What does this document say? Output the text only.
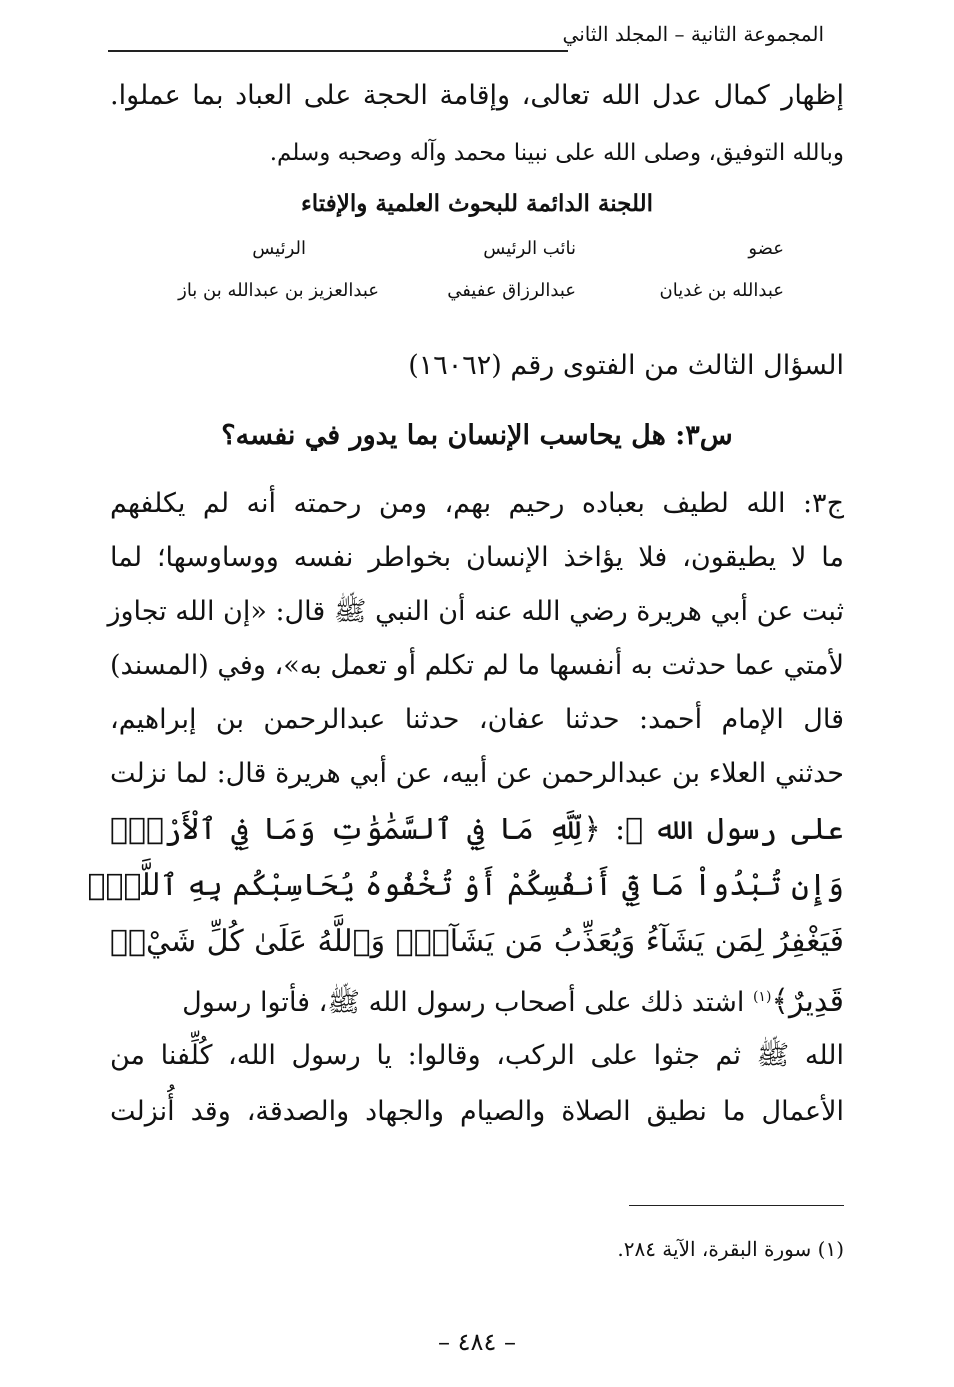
المجموعة الثانية – المجلد الثاني
إظهار كمال عدل الله تعالى، وإقامة الحجة على العباد بما عملوا.
وبالله التوفيق، وصلى الله على نبينا محمد وآله وصحبه وسلم.
اللجنة الدائمة للبحوث العلمية والإفتاء
عضو
نائب الرئيس
الرئيس
عبدالله بن غديان
عبدالرزاق عفيفي
عبدالعزيز بن عبدالله بن باز
السؤال الثالث من الفتوى رقم (١٦٠٦٢)
س٣: هل يحاسب الإنسان بما يدور في نفسه؟
ج٣: الله لطيف بعباده رحيم بهم، ومن رحمته أنه لم يكلفهم
ما لا يطيقون، فلا يؤاخذ الإنسان بخواطر نفسه ووساوسها؛ لما
ثبت عن أبي هريرة رضي الله عنه أن النبي ﷺ قال: «إن الله تجاوز
لأمتي عما حدثت به أنفسها ما لم تكلم أو تعمل به»، وفي (المسند)
قال الإمام أحمد: حدثنا عفان، حدثنا عبدالرحمن بن إبراهيم،
حدثني العلاء بن عبدالرحمن عن أبيه، عن أبي هريرة قال: لما نزلت
على رسول الله ﷺ: ﴿لِّلَّهِ مَا فِي ٱلسَّمَٰوَٰتِ وَمَا فِي ٱلْأَرْضِۗ
وَإِن تُبْدُواْ مَا فِيٓ أَنفُسِكُمْ أَوْ تُخْفُوهُ يُحَاسِبْكُم بِهِ ٱللَّهُۖ
فَيَغْفِرُ لِمَن يَشَآءُ وَيُعَذِّبُ مَن يَشَآءُۗ وَٱللَّهُ عَلَىٰ كُلِّ شَيْءٖ
قَدِيرٌ﴾$^{(١)}$ اشتد ذلك على أصحاب رسول الله ﷺ، فأتوا رسول
الله ﷺ ثم جثوا على الركب، وقالوا: يا رسول الله، كُلِّفنا من
الأعمال ما نطيق الصلاة والصيام والجهاد والصدقة، وقد أُنزلت
(١) سورة البقرة، الآية ٢٨٤.
– ٤٨٤ –
